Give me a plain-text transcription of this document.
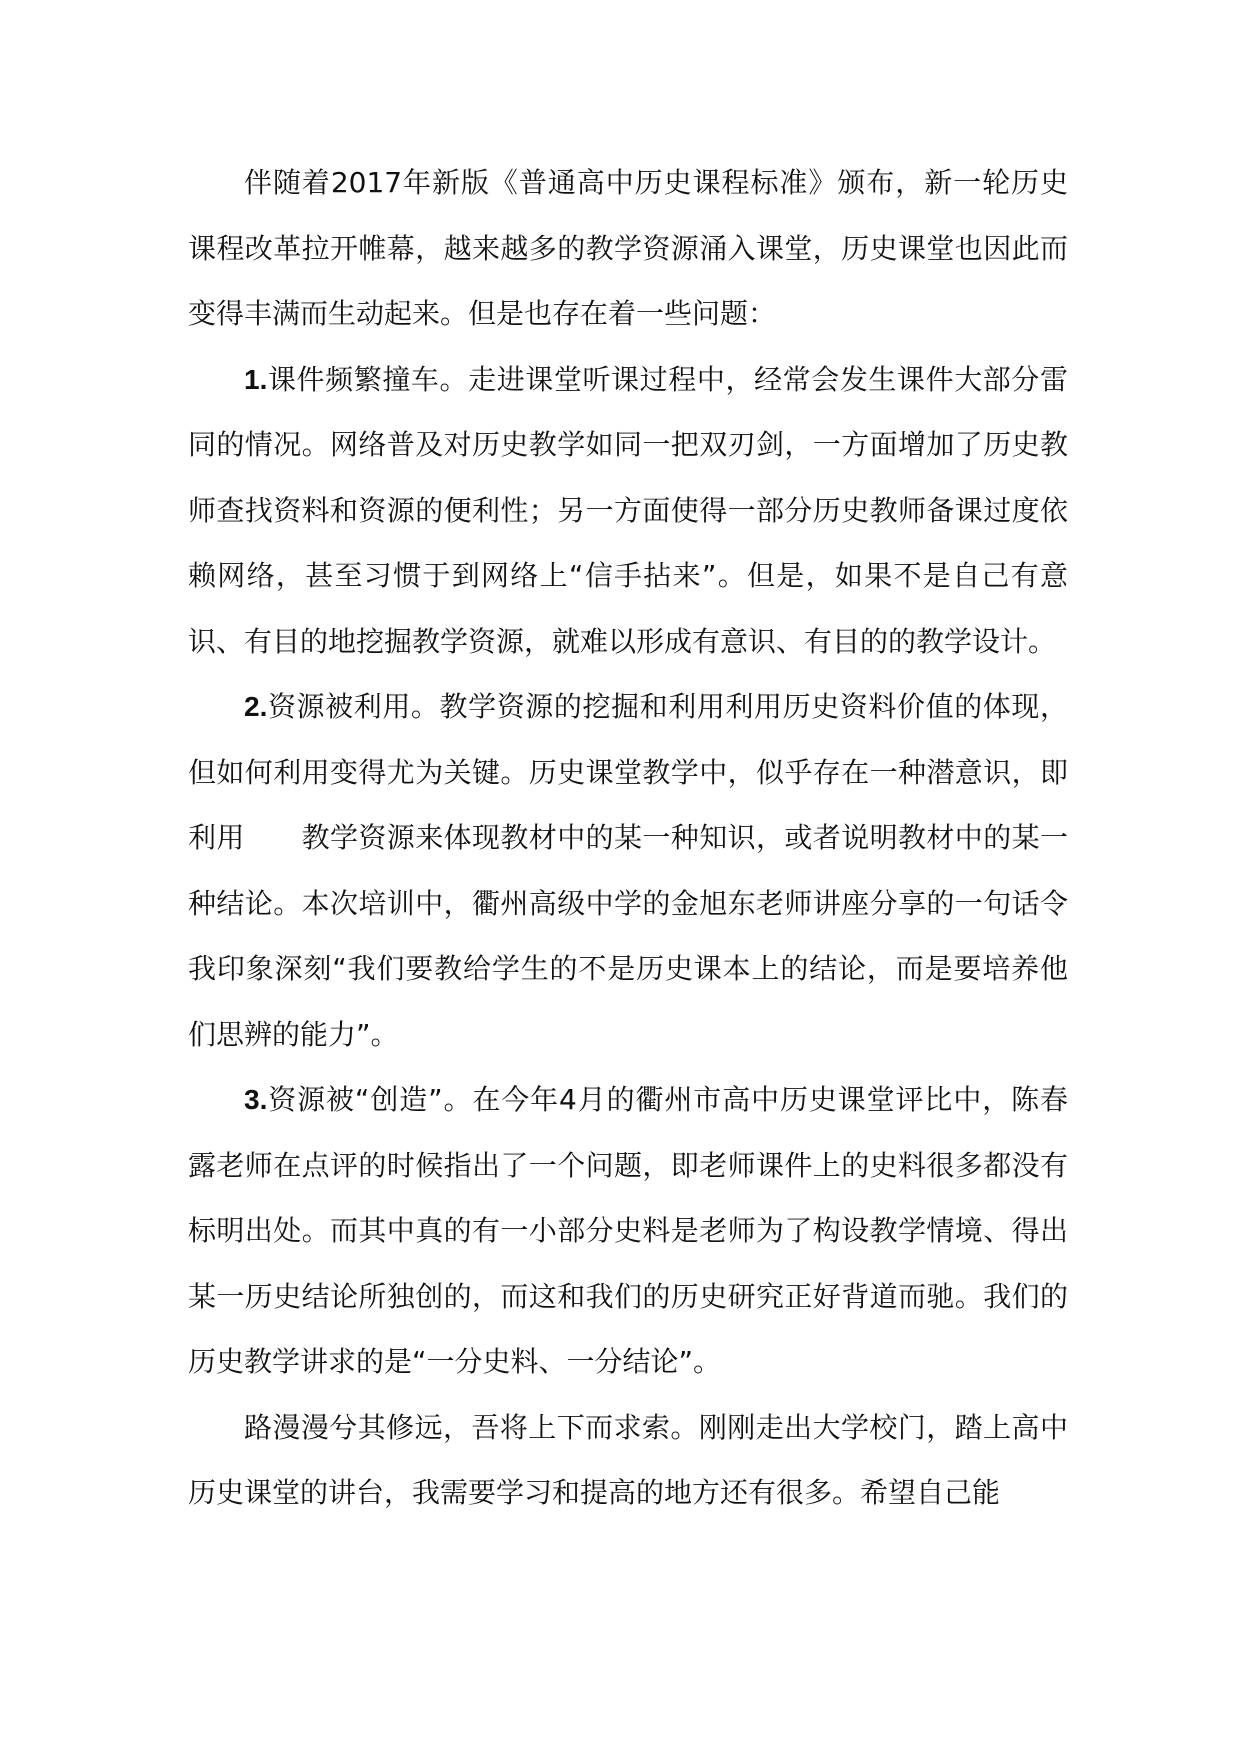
伴随着2017年新版《普通高中历史课程标准》颁布，新一轮历史课程改革拉开帷幕，越来越多的教学资源涌入课堂，历史课堂也因此而变得丰满而生动起来。但是也存在着一些问题：

1.课件频繁撞车。走进课堂听课过程中，经常会发生课件大部分雷同的情况。网络普及对历史教学如同一把双刃剑，一方面增加了历史教师查找资料和资源的便利性；另一方面使得一部分历史教师备课过度依赖网络，甚至习惯于到网络上“信手拈来”。但是，如果不是自己有意识、有目的地挖掘教学资源，就难以形成有意识、有目的的教学设计。

2.资源被利用。教学资源的挖掘和利用利用历史资料价值的体现，但如何利用变得尤为关键。历史课堂教学中，似乎存在一种潜意识，即利用　　教学资源来体现教材中的某一种知识，或者说明教材中的某一种结论。本次培训中，衢州高级中学的金旭东老师讲座分享的一句话令我印象深刻“我们要教给学生的不是历史课本上的结论，而是要培养他们思辨的能力”。

3.资源被“创造”。在今年4月的衢州市高中历史课堂评比中，陈春露老师在点评的时候指出了一个问题，即老师课件上的史料很多都没有标明出处。而其中真的有一小部分史料是老师为了构设教学情境、得出某一历史结论所独创的，而这和我们的历史研究正好背道而驰。我们的历史教学讲求的是“一分史料、一分结论”。

路漫漫兮其修远，吾将上下而求索。刚刚走出大学校门，踏上高中历史课堂的讲台，我需要学习和提高的地方还有很多。希望自己能
